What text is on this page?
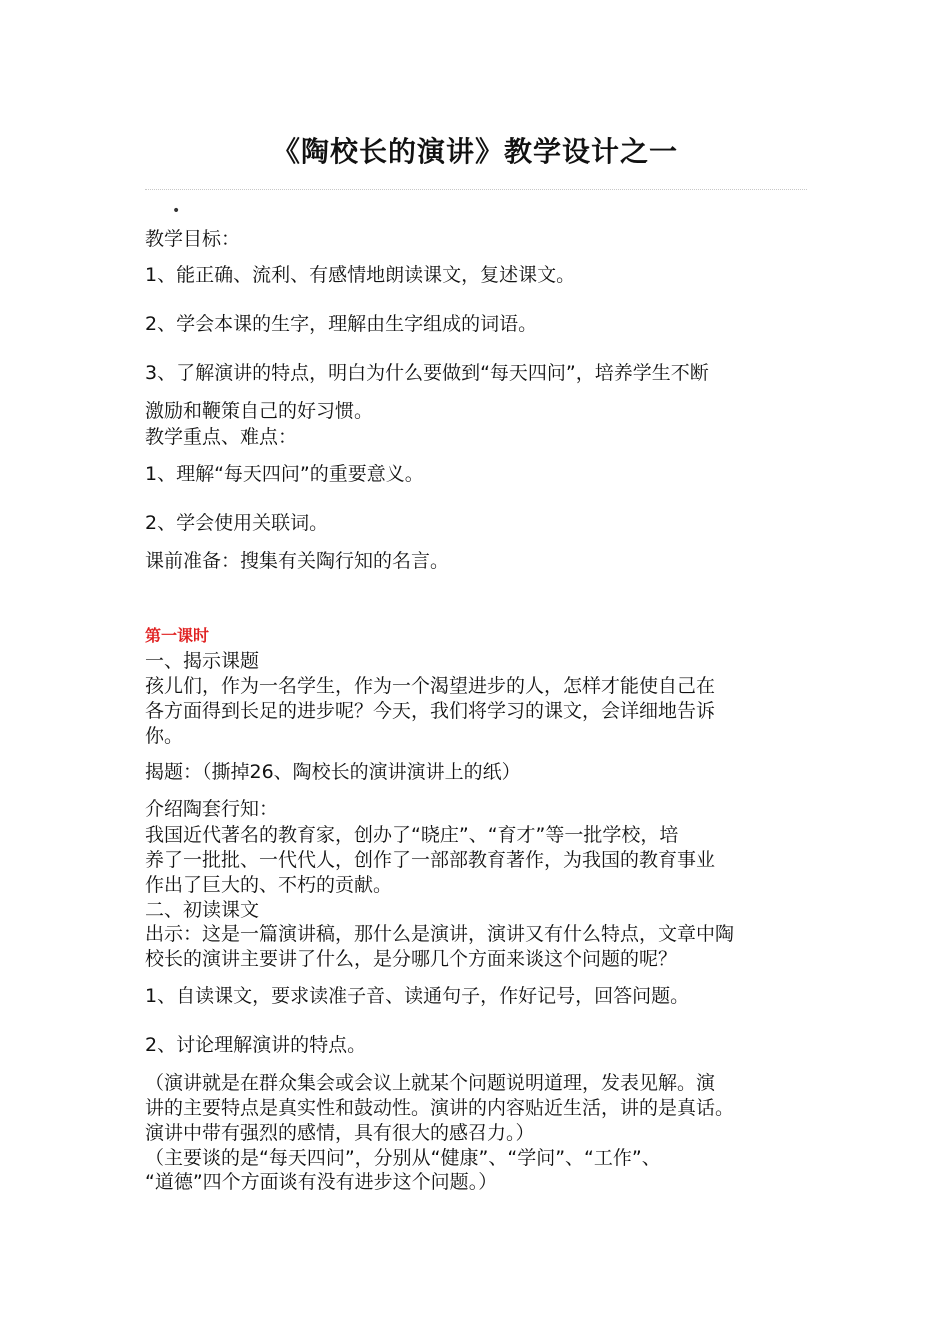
《陶校长的演讲》教学设计之一
•
教学目标：
1、能正确、流利、有感情地朗读课文，复述课文。
2、学会本课的生字，理解由生字组成的词语。
3、了解演讲的特点，明白为什么要做到“每天四问”，培养学生不断
激励和鞭策自己的好习惯。
教学重点、难点：
1、理解“每天四问”的重要意义。
2、学会使用关联词。
课前准备：搜集有关陶行知的名言。
第一课时
一、揭示课题
孩儿们，作为一名学生，作为一个渴望进步的人，怎样才能使自己在
各方面得到长足的进步呢？今天，我们将学习的课文，会详细地告诉
你。
揭题：（撕掉26、陶校长的演讲演讲上的纸）
介绍陶套行知：
我国近代著名的教育家，创办了“晓庄”、“育才”等一批学校，培
养了一批批、一代代人，创作了一部部教育著作，为我国的教育事业
作出了巨大的、不朽的贡献。
二、初读课文
出示：这是一篇演讲稿，那什么是演讲，演讲又有什么特点，文章中陶
校长的演讲主要讲了什么，是分哪几个方面来谈这个问题的呢？
1、自读课文，要求读准子音、读通句子，作好记号，回答问题。
2、讨论理解演讲的特点。
（演讲就是在群众集会或会议上就某个问题说明道理，发表见解。演
讲的主要特点是真实性和鼓动性。演讲的内容贴近生活，讲的是真话。
演讲中带有强烈的感情，具有很大的感召力。）
（主要谈的是“每天四问”，分别从“健康”、“学问”、“工作”、
“道德”四个方面谈有没有进步这个问题。）
